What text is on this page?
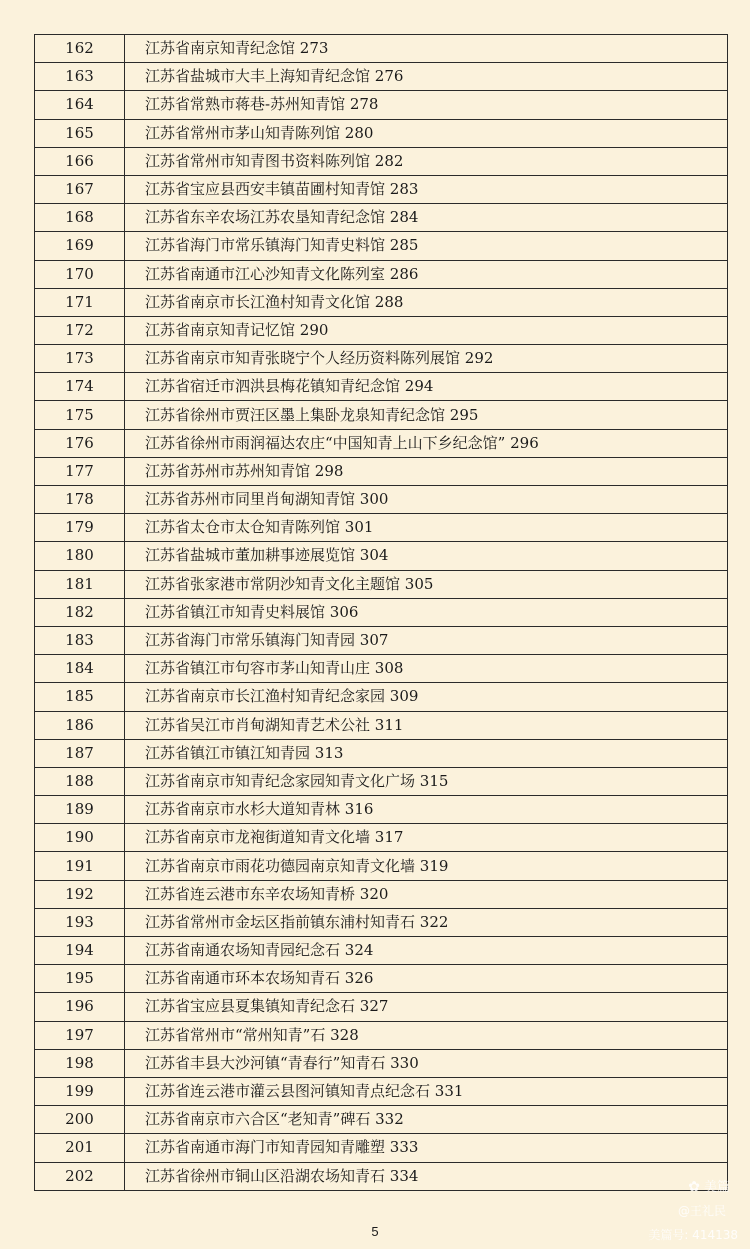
162	江苏省南京知青纪念馆 273
163	江苏省盐城市大丰上海知青纪念馆 276
164	江苏省常熟市蒋巷-苏州知青馆 278
165	江苏省常州市茅山知青陈列馆 280
166	江苏省常州市知青图书资料陈列馆 282
167	江苏省宝应县西安丰镇苗圃村知青馆 283
168	江苏省东辛农场江苏农垦知青纪念馆 284
169	江苏省海门市常乐镇海门知青史料馆 285
170	江苏省南通市江心沙知青文化陈列室 286
171	江苏省南京市长江渔村知青文化馆 288
172	江苏省南京知青记忆馆 290
173	江苏省南京市知青张晓宁个人经历资料陈列展馆 292
174	江苏省宿迁市泗洪县梅花镇知青纪念馆 294
175	江苏省徐州市贾汪区墨上集卧龙泉知青纪念馆 295
176	江苏省徐州市雨润福达农庄“中国知青上山下乡纪念馆” 296
177	江苏省苏州市苏州知青馆 298
178	江苏省苏州市同里肖甸湖知青馆 300
179	江苏省太仓市太仓知青陈列馆 301
180	江苏省盐城市董加耕事迹展览馆 304
181	江苏省张家港市常阴沙知青文化主题馆 305
182	江苏省镇江市知青史料展馆 306
183	江苏省海门市常乐镇海门知青园 307
184	江苏省镇江市句容市茅山知青山庄 308
185	江苏省南京市长江渔村知青纪念家园 309
186	江苏省吴江市肖甸湖知青艺术公社 311
187	江苏省镇江市镇江知青园 313
188	江苏省南京市知青纪念家园知青文化广场 315
189	江苏省南京市水杉大道知青林 316
190	江苏省南京市龙袍街道知青文化墙 317
191	江苏省南京市雨花功德园南京知青文化墙 319
192	江苏省连云港市东辛农场知青桥 320
193	江苏省常州市金坛区指前镇东浦村知青石 322
194	江苏省南通农场知青园纪念石 324
195	江苏省南通市环本农场知青石 326
196	江苏省宝应县夏集镇知青纪念石 327
197	江苏省常州市“常州知青”石 328
198	江苏省丰县大沙河镇“青春行”知青石 330
199	江苏省连云港市灌云县图河镇知青点纪念石 331
200	江苏省南京市六合区“老知青”碑石 332
201	江苏省南通市海门市知青园知青雕塑 333
202	江苏省徐州市铜山区沿湖农场知青石 334
5
✿ 美篇
@王礼民
美篇号: 414138
